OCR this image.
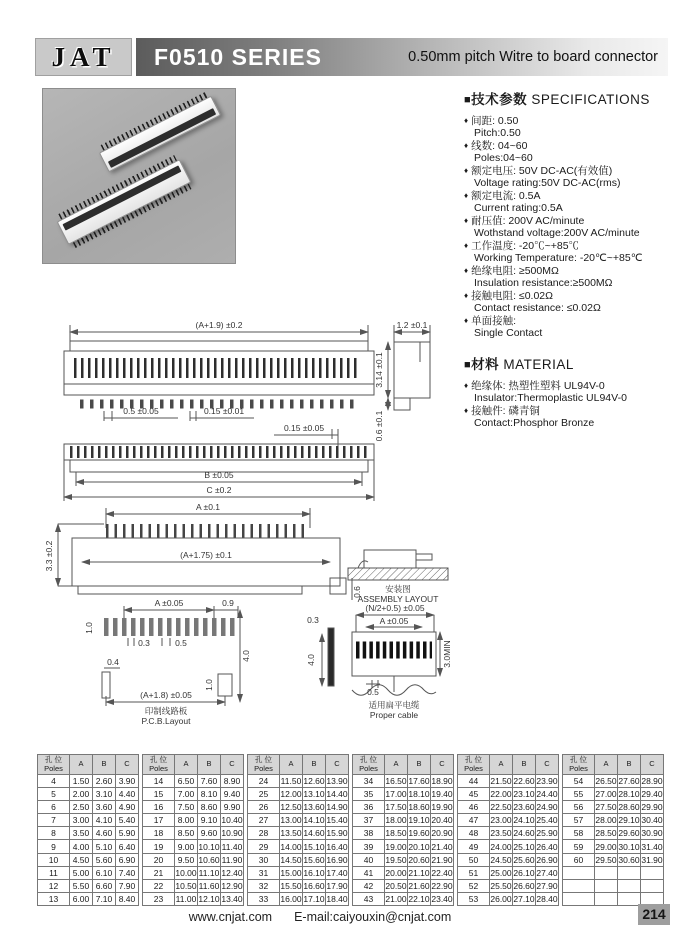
JAT F0510 SERIES	0.50mm pitch Witre to board connector
■技术参数 SPECIFICATIONS
♦ 间距: 0.50
Pitch:0.50
♦ 线数: 04~60
Poles:04~60
♦ 额定电压: 50V DC-AC(有效值)
Voltage rating:50V DC-AC(rms)
♦ 额定电流: 0.5A
Current rating:0.5A
♦ 耐压值: 200V AC/minute
Wothstand voltage:200V AC/minute
♦ 工作温度: -20℃~+85℃
Working Temperature: -20℃~+85℃
♦ 绝缘电阻: ≥500MΩ
Insulation resistance:≥500MΩ
♦ 接触电阻: ≤0.02Ω
Contact resistance: ≤0.02Ω
♦ 单面接触:
Single Contact
■材料 MATERIAL
♦ 绝缘体: 热塑性塑料 UL94V-0
Insulator:Thermoplastic UL94V-0
♦ 接触件: 磷青铜
Contact:Phosphor Bronze
(A+1.9) ±0.2
0.5 ±0.05	0.15 ±0.01
1.2 ±0.1
3.14 ±0.1
0.6 ±0.1
0.15 ±0.05
B ±0.05
C ±0.2
A ±0.1
(A+1.75) ±0.1
3.3 ±0.2
0.6	安装图
ASSEMBLY LAYOUT
A ±0.05	0.9
1.0
0.3	0.5
0.4
4.0
1.0
(A+1.8) ±0.05
印制线路板
P.C.B.Layout
0.3
4.0
(N/2+0.5) ±0.05
A ±0.05
3.0MIN
0.5
适用扁平电缆
Proper cable
孔 位
Poles	A	B	C
4	1.50	2.60	3.90
5	2.00	3.10	4.40
6	2.50	3.60	4.90
7	3.00	4.10	5.40
8	3.50	4.60	5.90
9	4.00	5.10	6.40
10	4.50	5.60	6.90
11	5.00	6.10	7.40
12	5.50	6.60	7.90
13	6.00	7.10	8.40
孔 位
Poles	A	B	C
14	6.50	7.60	8.90
15	7.00	8.10	9.40
16	7.50	8.60	9.90
17	8.00	9.10	10.40
18	8.50	9.60	10.90
19	9.00	10.10	11.40
20	9.50	10.60	11.90
21	10.00	11.10	12.40
22	10.50	11.60	12.90
23	11.00	12.10	13.40
孔 位
Poles	A	B	C
24	11.50	12.60	13.90
25	12.00	13.10	14.40
26	12.50	13.60	14.90
27	13.00	14.10	15.40
28	13.50	14.60	15.90
29	14.00	15.10	16.40
30	14.50	15.60	16.90
31	15.00	16.10	17.40
32	15.50	16.60	17.90
33	16.00	17.10	18.40
孔 位
Poles	A	B	C
34	16.50	17.60	18.90
35	17.00	18.10	19.40
36	17.50	18.60	19.90
37	18.00	19.10	20.40
38	18.50	19.60	20.90
39	19.00	20.10	21.40
40	19.50	20.60	21.90
41	20.00	21.10	22.40
42	20.50	21.60	22.90
43	21.00	22.10	23.40
孔 位
Poles	A	B	C
44	21.50	22.60	23.90
45	22.00	23.10	24.40
46	22.50	23.60	24.90
47	23.00	24.10	25.40
48	23.50	24.60	25.90
49	24.00	25.10	26.40
50	24.50	25.60	26.90
51	25.00	26.10	27.40
52	25.50	26.60	27.90
53	26.00	27.10	28.40
孔 位
Poles	A	B	C
54	26.50	27.60	28.90
55	27.00	28.10	29.40
56	27.50	28.60	29.90
57	28.00	29.10	30.40
58	28.50	29.60	30.90
59	29.00	30.10	31.40
60	29.50	30.60	31.90

www.cnjat.com E-mail:caiyouxin@cnjat.com	214
